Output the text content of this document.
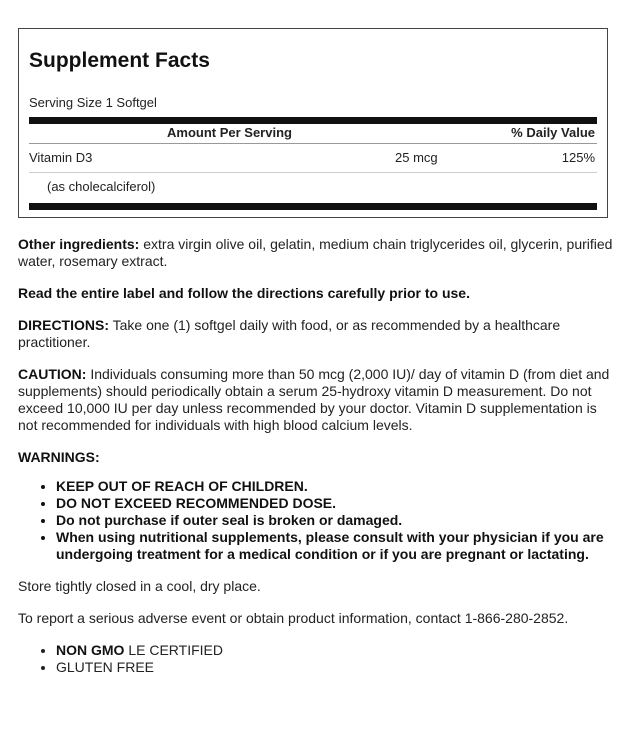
Supplement Facts
Serving Size 1 Softgel
Amount Per Serving	% Daily Value
Vitamin D3	25 mcg	125%
(as cholecalciferol)

Other ingredients: extra virgin olive oil, gelatin, medium chain triglycerides oil, glycerin, purified water, rosemary extract.

Read the entire label and follow the directions carefully prior to use.

DIRECTIONS: Take one (1) softgel daily with food, or as recommended by a healthcare practitioner.

CAUTION: Individuals consuming more than 50 mcg (2,000 IU)/ day of vitamin D (from diet and supplements) should periodically obtain a serum 25-hydroxy vitamin D measurement. Do not exceed 10,000 IU per day unless recommended by your doctor. Vitamin D supplementation is not recommended for individuals with high blood calcium levels.

WARNINGS:

• KEEP OUT OF REACH OF CHILDREN.
• DO NOT EXCEED RECOMMENDED DOSE.
• Do not purchase if outer seal is broken or damaged.
• When using nutritional supplements, please consult with your physician if you are undergoing treatment for a medical condition or if you are pregnant or lactating.

Store tightly closed in a cool, dry place.

To report a serious adverse event or obtain product information, contact 1-866-280-2852.

• NON GMO LE CERTIFIED
• GLUTEN FREE
